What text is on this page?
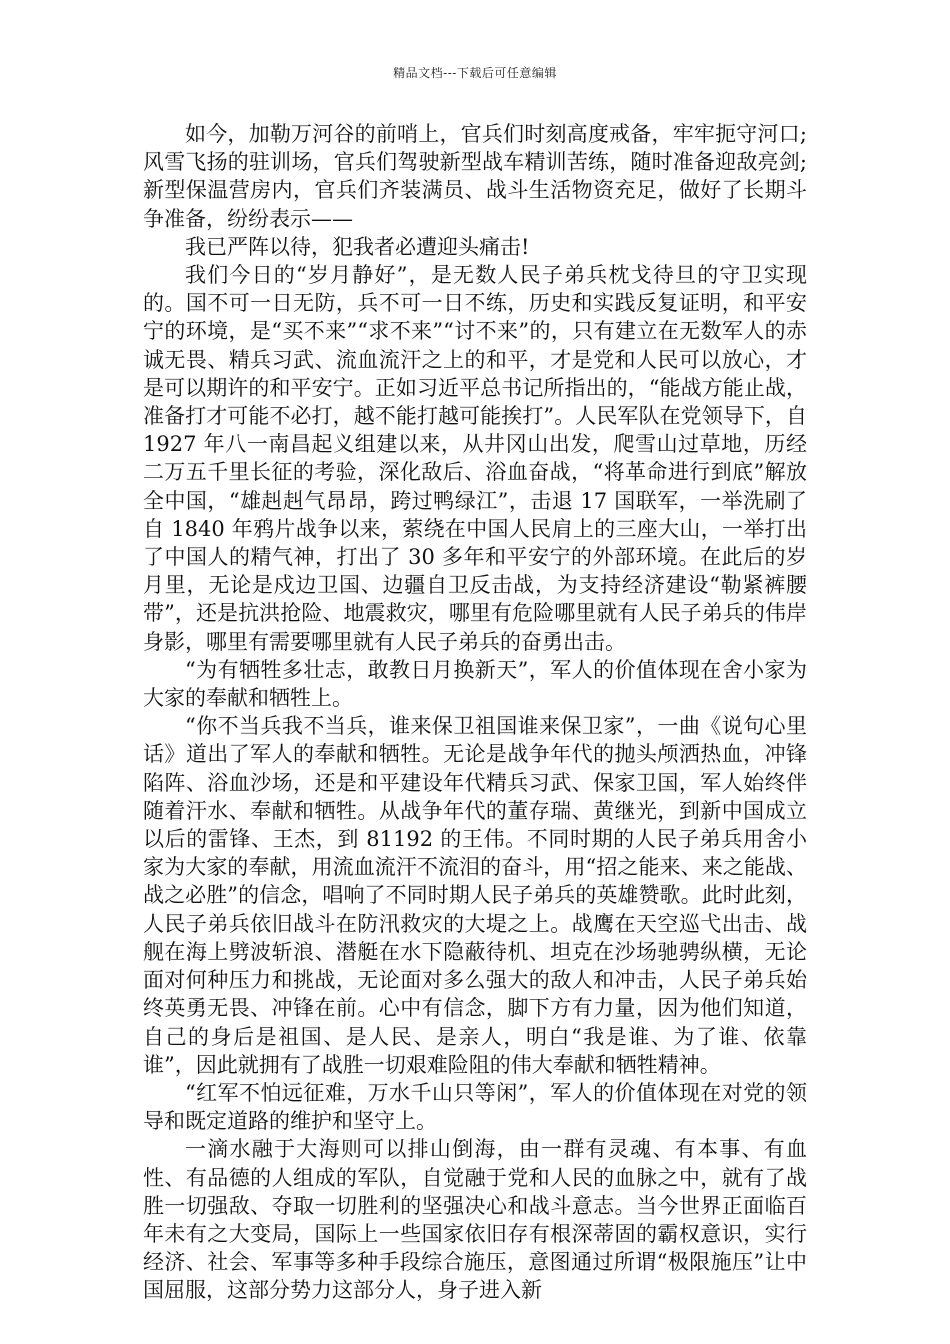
精品文档---下载后可任意编辑

如今，加勒万河谷的前哨上，官兵们时刻高度戒备，牢牢扼守河口;风雪飞扬的驻训场，官兵们驾驶新型战车精训苦练，随时准备迎敌亮剑;新型保温营房内，官兵们齐装满员、战斗生活物资充足，做好了长期斗争准备，纷纷表示——

我已严阵以待，犯我者必遭迎头痛击!

我们今日的“岁月静好”，是无数人民子弟兵枕戈待旦的守卫实现的。国不可一日无防，兵不可一日不练，历史和实践反复证明，和平安宁的环境，是“买不来”“求不来”“讨不来”的，只有建立在无数军人的赤诚无畏、精兵习武、流血流汗之上的和平，才是党和人民可以放心，才是可以期许的和平安宁。正如习近平总书记所指出的，“能战方能止战，准备打才可能不必打，越不能打越可能挨打”。人民军队在党领导下，自 1927 年八一南昌起义组建以来，从井冈山出发，爬雪山过草地，历经二万五千里长征的考验，深化敌后、浴血奋战，“将革命进行到底”解放全中国，“雄赳赳气昂昂，跨过鸭绿江”，击退 17 国联军，一举洗刷了自 1840 年鸦片战争以来，萦绕在中国人民肩上的三座大山，一举打出了中国人的精气神，打出了 30 多年和平安宁的外部环境。在此后的岁月里，无论是戍边卫国、边疆自卫反击战，为支持经济建设“勒紧裤腰带”，还是抗洪抢险、地震救灾，哪里有危险哪里就有人民子弟兵的伟岸身影，哪里有需要哪里就有人民子弟兵的奋勇出击。

“为有牺牲多壮志，敢教日月换新天”，军人的价值体现在舍小家为大家的奉献和牺牲上。

“你不当兵我不当兵，谁来保卫祖国谁来保卫家”，一曲《说句心里话》道出了军人的奉献和牺牲。无论是战争年代的抛头颅洒热血，冲锋陷阵、浴血沙场，还是和平建设年代精兵习武、保家卫国，军人始终伴随着汗水、奉献和牺牲。从战争年代的董存瑞、黄继光，到新中国成立以后的雷锋、王杰，到 81192 的王伟。不同时期的人民子弟兵用舍小家为大家的奉献，用流血流汗不流泪的奋斗，用“招之能来、来之能战、战之必胜”的信念，唱响了不同时期人民子弟兵的英雄赞歌。此时此刻，人民子弟兵依旧战斗在防汛救灾的大堤之上。战鹰在天空巡弋出击、战舰在海上劈波斩浪、潜艇在水下隐蔽待机、坦克在沙场驰骋纵横，无论面对何种压力和挑战，无论面对多么强大的敌人和冲击，人民子弟兵始终英勇无畏、冲锋在前。心中有信念，脚下方有力量，因为他们知道，自己的身后是祖国、是人民、是亲人，明白“我是谁、为了谁、依靠谁”，因此就拥有了战胜一切艰难险阻的伟大奉献和牺牲精神。

“红军不怕远征难，万水千山只等闲”，军人的价值体现在对党的领导和既定道路的维护和坚守上。

一滴水融于大海则可以排山倒海，由一群有灵魂、有本事、有血性、有品德的人组成的军队，自觉融于党和人民的血脉之中，就有了战胜一切强敌、夺取一切胜利的坚强决心和战斗意志。当今世界正面临百年未有之大变局，国际上一些国家依旧存有根深蒂固的霸权意识，实行经济、社会、军事等多种手段综合施压，意图通过所谓“极限施压”让中国屈服，这部分势力这部分人，身子进入新
